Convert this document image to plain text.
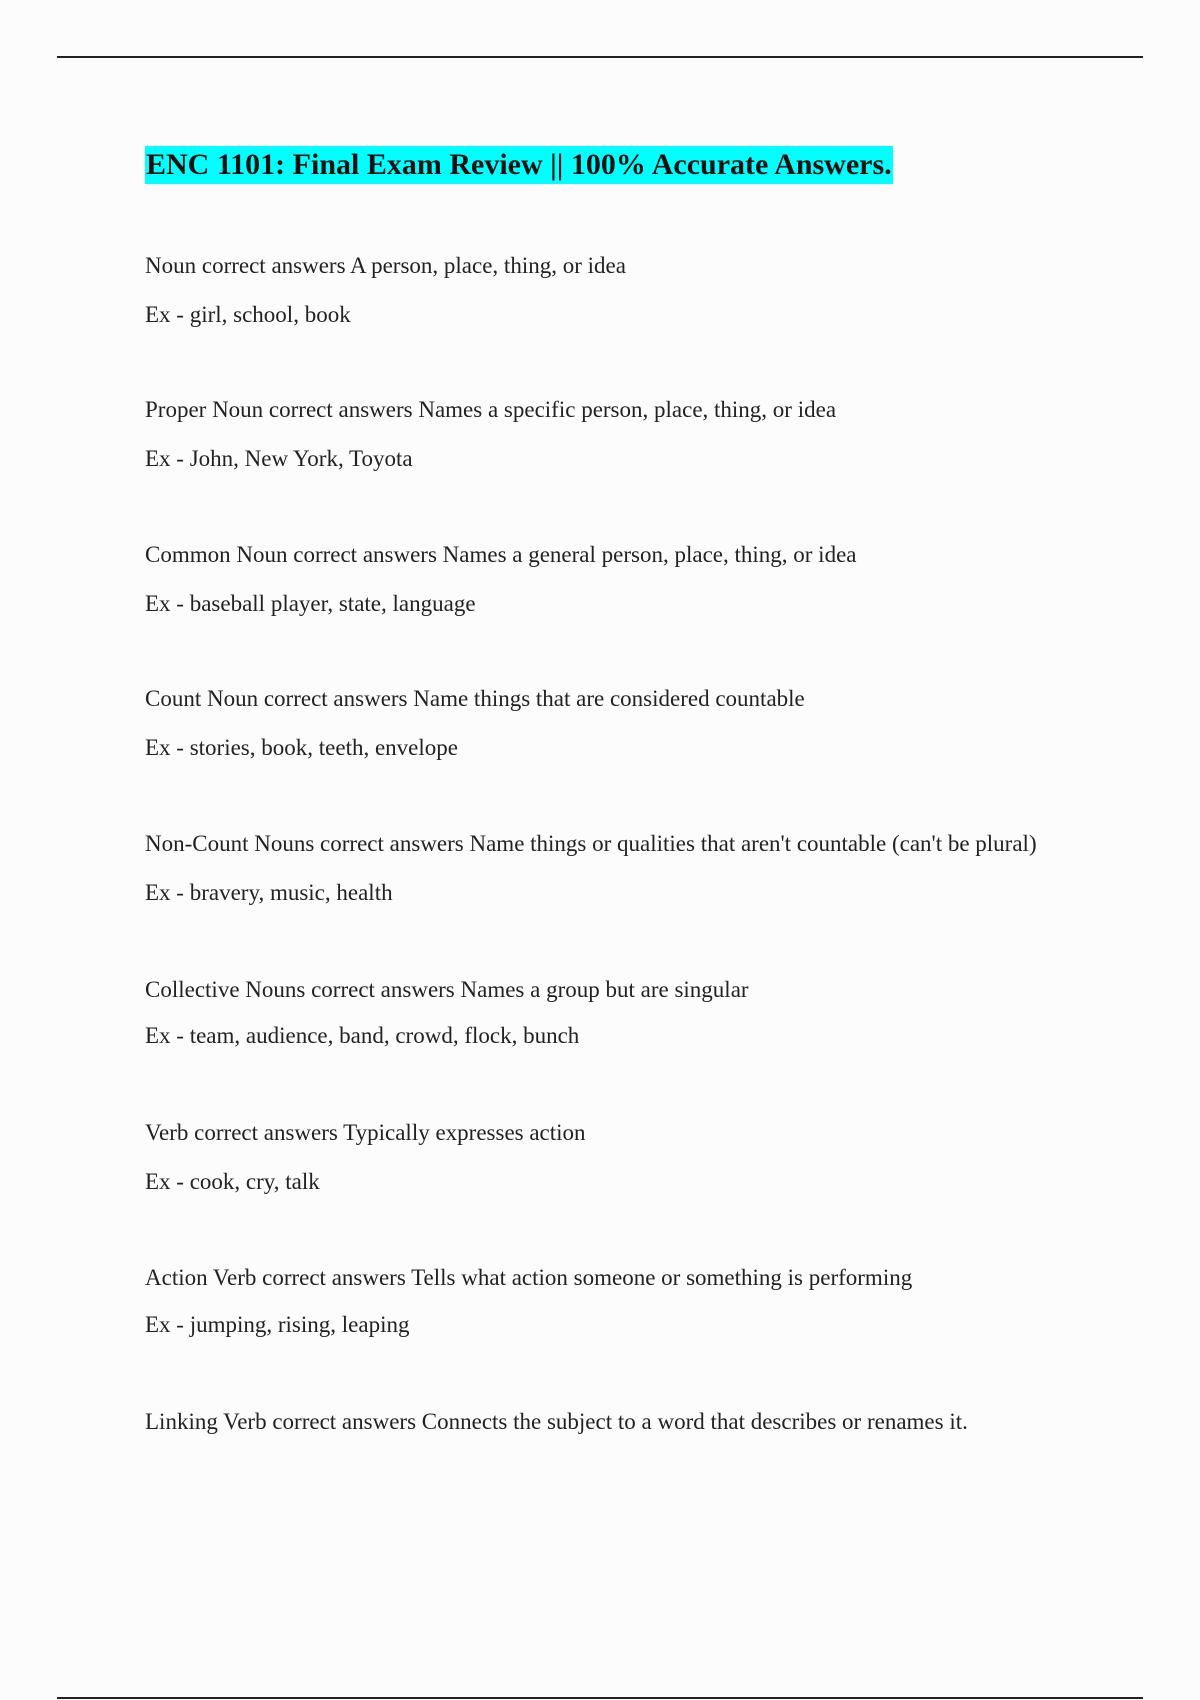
ENC 1101: Final Exam Review || 100% Accurate Answers.

Noun correct answers A person, place, thing, or idea

Ex - girl, school, book

Proper Noun correct answers Names a specific person, place, thing, or idea

Ex - John, New York, Toyota

Common Noun correct answers Names a general person, place, thing, or idea

Ex - baseball player, state, language

Count Noun correct answers Name things that are considered countable

Ex - stories, book, teeth, envelope

Non-Count Nouns correct answers Name things or qualities that aren't countable (can't be plural)

Ex - bravery, music, health

Collective Nouns correct answers Names a group but are singular

Ex - team, audience, band, crowd, flock, bunch

Verb correct answers Typically expresses action

Ex - cook, cry, talk

Action Verb correct answers Tells what action someone or something is performing

Ex - jumping, rising, leaping

Linking Verb correct answers Connects the subject to a word that describes or renames it.
